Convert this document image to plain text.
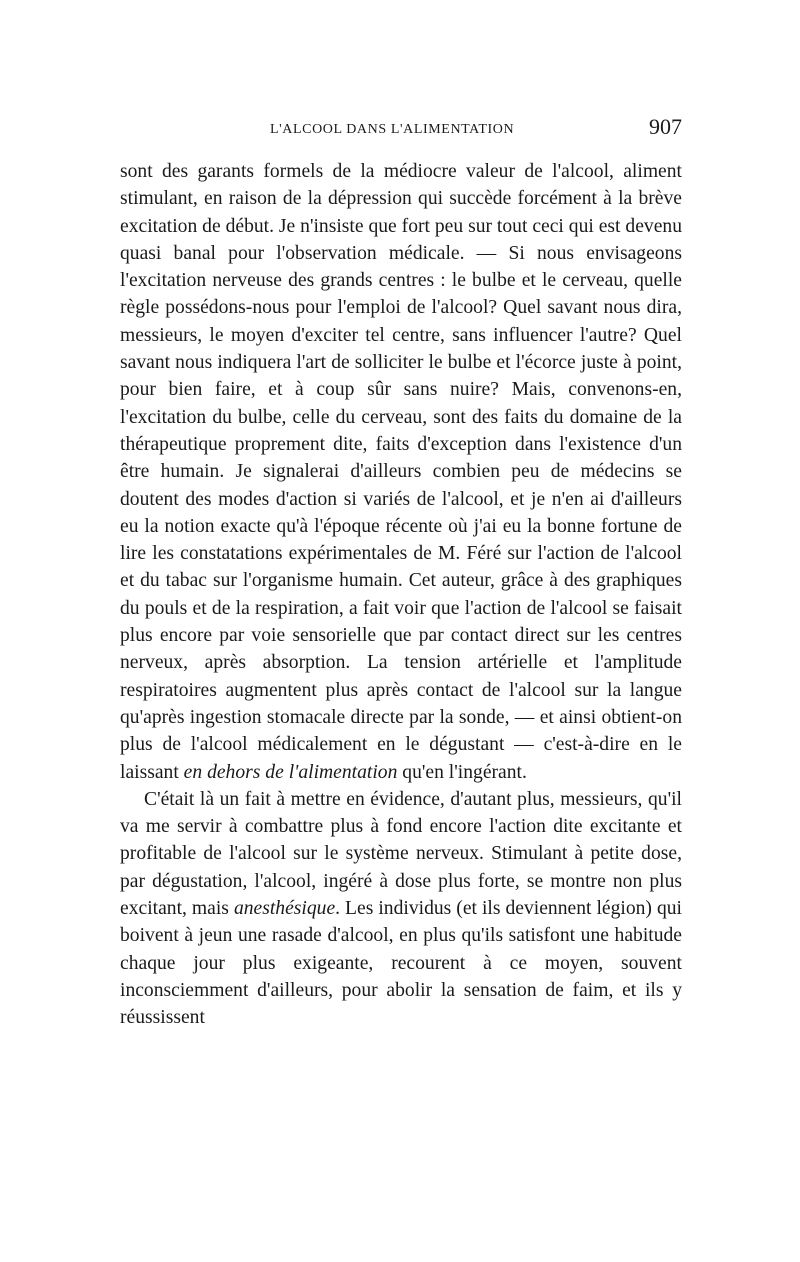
L'ALCOOL DANS L'ALIMENTATION	907

sont des garants formels de la médiocre valeur de l'alcool, aliment stimulant, en raison de la dépression qui succède forcément à la brève excitation de début. Je n'insiste que fort peu sur tout ceci qui est devenu quasi banal pour l'observation médicale. — Si nous envisageons l'excitation nerveuse des grands centres : le bulbe et le cerveau, quelle règle possédons-nous pour l'emploi de l'alcool? Quel savant nous dira, messieurs, le moyen d'exciter tel centre, sans influencer l'autre? Quel savant nous indiquera l'art de solliciter le bulbe et l'écorce juste à point, pour bien faire, et à coup sûr sans nuire? Mais, convenons-en, l'excitation du bulbe, celle du cerveau, sont des faits du domaine de la thérapeutique proprement dite, faits d'exception dans l'existence d'un être humain. Je signalerai d'ailleurs combien peu de médecins se doutent des modes d'action si variés de l'alcool, et je n'en ai d'ailleurs eu la notion exacte qu'à l'époque récente où j'ai eu la bonne fortune de lire les constatations expérimentales de M. Féré sur l'action de l'alcool et du tabac sur l'organisme humain. Cet auteur, grâce à des graphiques du pouls et de la respiration, a fait voir que l'action de l'alcool se faisait plus encore par voie sensorielle que par contact direct sur les centres nerveux, après absorption. La tension artérielle et l'amplitude respiratoires augmentent plus après contact de l'alcool sur la langue qu'après ingestion stomacale directe par la sonde, — et ainsi obtient-on plus de l'alcool médicalement en le dégustant — c'est-à-dire en le laissant en dehors de l'alimentation qu'en l'ingérant.

C'était là un fait à mettre en évidence, d'autant plus, messieurs, qu'il va me servir à combattre plus à fond encore l'action dite excitante et profitable de l'alcool sur le système nerveux. Stimulant à petite dose, par dégustation, l'alcool, ingéré à dose plus forte, se montre non plus excitant, mais anesthésique. Les individus (et ils deviennent légion) qui boivent à jeun une rasade d'alcool, en plus qu'ils satisfont une habitude chaque jour plus exigeante, recourent à ce moyen, souvent inconsciemment d'ailleurs, pour abolir la sensation de faim, et ils y réussissent
